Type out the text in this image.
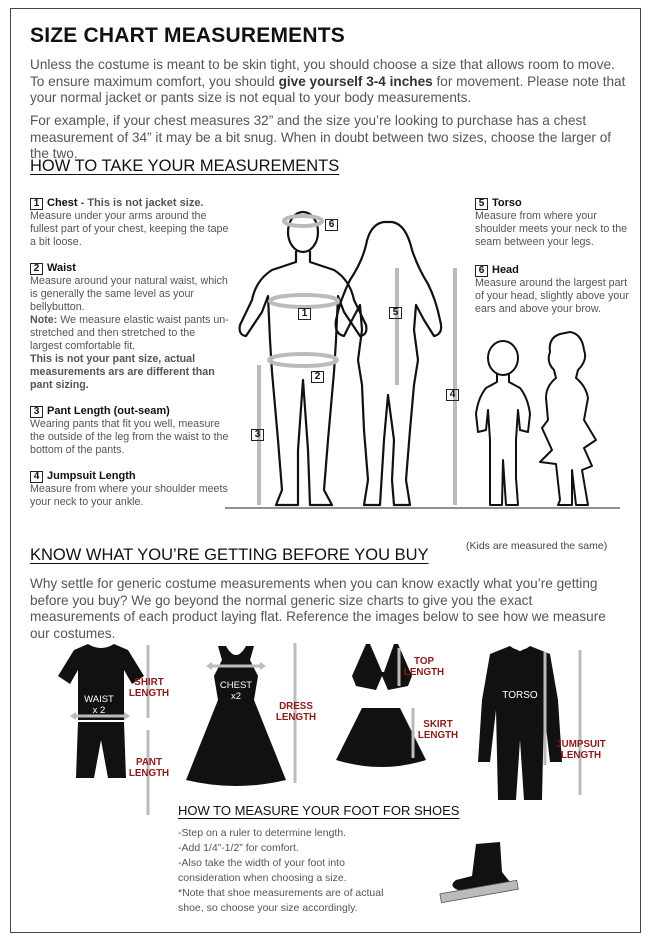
SIZE CHART MEASUREMENTS
Unless the costume is meant to be skin tight, you should choose a size that allows room to move. To ensure maximum comfort, you should give yourself 3-4 inches for movement. Please note that your normal jacket or pants size is not equal to your body measurements.
For example, if your chest measures 32” and the size you’re looking to purchase has a chest measurement of 34” it may be a bit snug. When in doubt between two sizes, choose the larger of the two.
HOW TO TAKE YOUR MEASUREMENTS
1 Chest - This is not jacket size.
Measure under your arms around the fullest part of your chest, keeping the tape a bit loose.
2 Waist
Measure around your natural waist, which is generally the same level as your bellybutton.
Note: We measure elastic waist pants un-stretched and then stretched to the largest comfortable fit.
This is not your pant size, actual measurements ars are different than pant sizing.
3 Pant Length (out-seam)
Wearing pants that fit you well, measure the outside of the leg from the waist to the bottom of the pants.
4 Jumpsuit Length
Measure from where your shoulder meets your neck to your ankle.
5 Torso
Measure from where your shoulder meets your neck to the seam between your legs.
6 Head
Measure around the largest part of your head, slightly above your ears and above your brow.
6
1	5
2
4
3
(Kids are measured the same)
KNOW WHAT YOU’RE GETTING BEFORE YOU BUY
Why settle for generic costume measurements when you can know exactly what you’re getting before you buy? We go beyond the normal generic size charts to give you the exact measurements of each product laying flat. Reference the images below to see how we measure our costumes.
WAIST
x 2
SHIRT
LENGTH
PANT
LENGTH
CHEST
x2
DRESS
LENGTH
TOP
LENGTH
SKIRT
LENGTH
TORSO
JUMPSUIT
LENGTH
HOW TO MEASURE YOUR FOOT FOR SHOES
-Step on a ruler to determine length.
-Add 1/4”-1/2” for comfort.
-Also take the width of your foot into
consideration when choosing a size.
*Note that shoe measurements are of actual
shoe, so choose your size accordingly.
